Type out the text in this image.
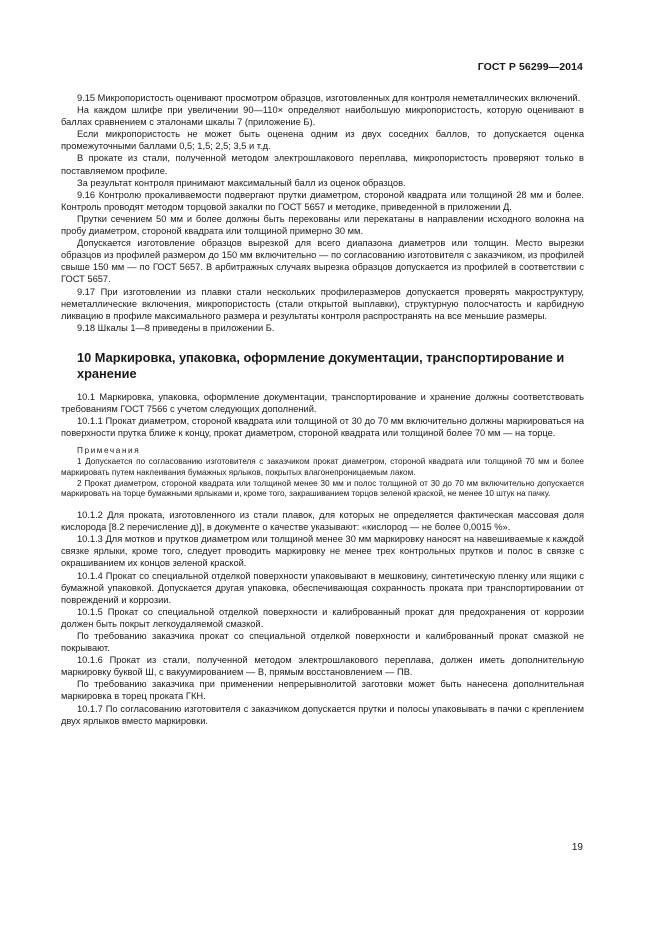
ГОСТ Р 56299—2014

9.15 Микропористость оценивают просмотром образцов, изготовленных для контроля неметаллических включений.

На каждом шлифе при увеличении 90—110× определяют наибольшую микропористость, которую оценивают в баллах сравнением с эталонами шкалы 7 (приложение Б).

Если микропористость не может быть оценена одним из двух соседних баллов, то допускается оценка промежуточными баллами 0,5; 1,5; 2,5; 3,5 и т.д.

В прокате из стали, полученной методом электрошлакового переплава, микропористость проверяют только в поставляемом профиле.

За результат контроля принимают максимальный балл из оценок образцов.

9.16 Контролю прокаливаемости подвергают прутки диаметром, стороной квадрата или толщиной 28 мм и более. Контроль проводят методом торцовой закалки по ГОСТ 5657 и методике, приведенной в приложении Д.

Прутки сечением 50 мм и более должны быть перекованы или перекатаны в направлении исходного волокна на пробу диаметром, стороной квадрата или толщиной примерно 30 мм.

Допускается изготовление образцов вырезкой для всего диапазона диаметров или толщин. Место вырезки образцов из профилей размером до 150 мм включительно — по согласованию изготовителя с заказчиком, из профилей свыше 150 мм — по ГОСТ 5657. В арбитражных случаях вырезка образцов допускается из профилей в соответствии с ГОСТ 5657.

9.17 При изготовлении из плавки стали нескольких профилеразмеров допускается проверять макроструктуру, неметаллические включения, микропористость (стали открытой выплавки), структурную полосчатость и карбидную ликвацию в профиле максимального размера и результаты контроля распространять на все меньшие размеры.

9.18 Шкалы 1—8 приведены в приложении Б.

10 Маркировка, упаковка, оформление документации, транспортирование и хранение

10.1 Маркировка, упаковка, оформление документации, транспортирование и хранение должны соответствовать требованиям ГОСТ 7566 с учетом следующих дополнений.

10.1.1 Прокат диаметром, стороной квадрата или толщиной от 30 до 70 мм включительно должны маркироваться на поверхности прутка ближе к концу, прокат диаметром, стороной квадрата или толщиной более 70 мм — на торце.

Примечания

1 Допускается по согласованию изготовителя с заказчиком прокат диаметром, стороной квадрата или толщиной 70 мм и более маркировать путем наклеивания бумажных ярлыков, покрытых влагонепроницаемым лаком.

2 Прокат диаметром, стороной квадрата или толщиной менее 30 мм и полос толщиной от 30 до 70 мм включительно допускается маркировать на торце бумажными ярлыками и, кроме того, закрашиванием торцов зеленой краской, не менее 10 штук на пачку.

10.1.2 Для проката, изготовленного из стали плавок, для которых не определяется фактическая массовая доля кислорода [8.2 перечисление д)], в документе о качестве указывают: «кислород — не более 0,0015 %».

10.1.3 Для мотков и прутков диаметром или толщиной менее 30 мм маркировку наносят на навешиваемые к каждой связке ярлыки, кроме того, следует проводить маркировку не менее трех контрольных прутков и полос в связке с окрашиванием их концов зеленой краской.

10.1.4 Прокат со специальной отделкой поверхности упаковывают в мешковину, синтетическую пленку или ящики с бумажной упаковкой. Допускается другая упаковка, обеспечивающая сохранность проката при транспортировании от повреждений и коррозии.

10.1.5 Прокат со специальной отделкой поверхности и калиброванный прокат для предохранения от коррозии должен быть покрыт легкоудаляемой смазкой.

По требованию заказчика прокат со специальной отделкой поверхности и калиброванный прокат смазкой не покрывают.

10.1.6 Прокат из стали, полученной методом электрошлакового переплава, должен иметь дополнительную маркировку буквой Ш, с вакуумированием — В, прямым восстановлением — ПВ.

По требованию заказчика при применении непрерывнолитой заготовки может быть нанесена дополнительная маркировка в торец проката ГКН.

10.1.7 По согласованию изготовителя с заказчиком допускается прутки и полосы упаковывать в пачки с креплением двух ярлыков вместо маркировки.

19
